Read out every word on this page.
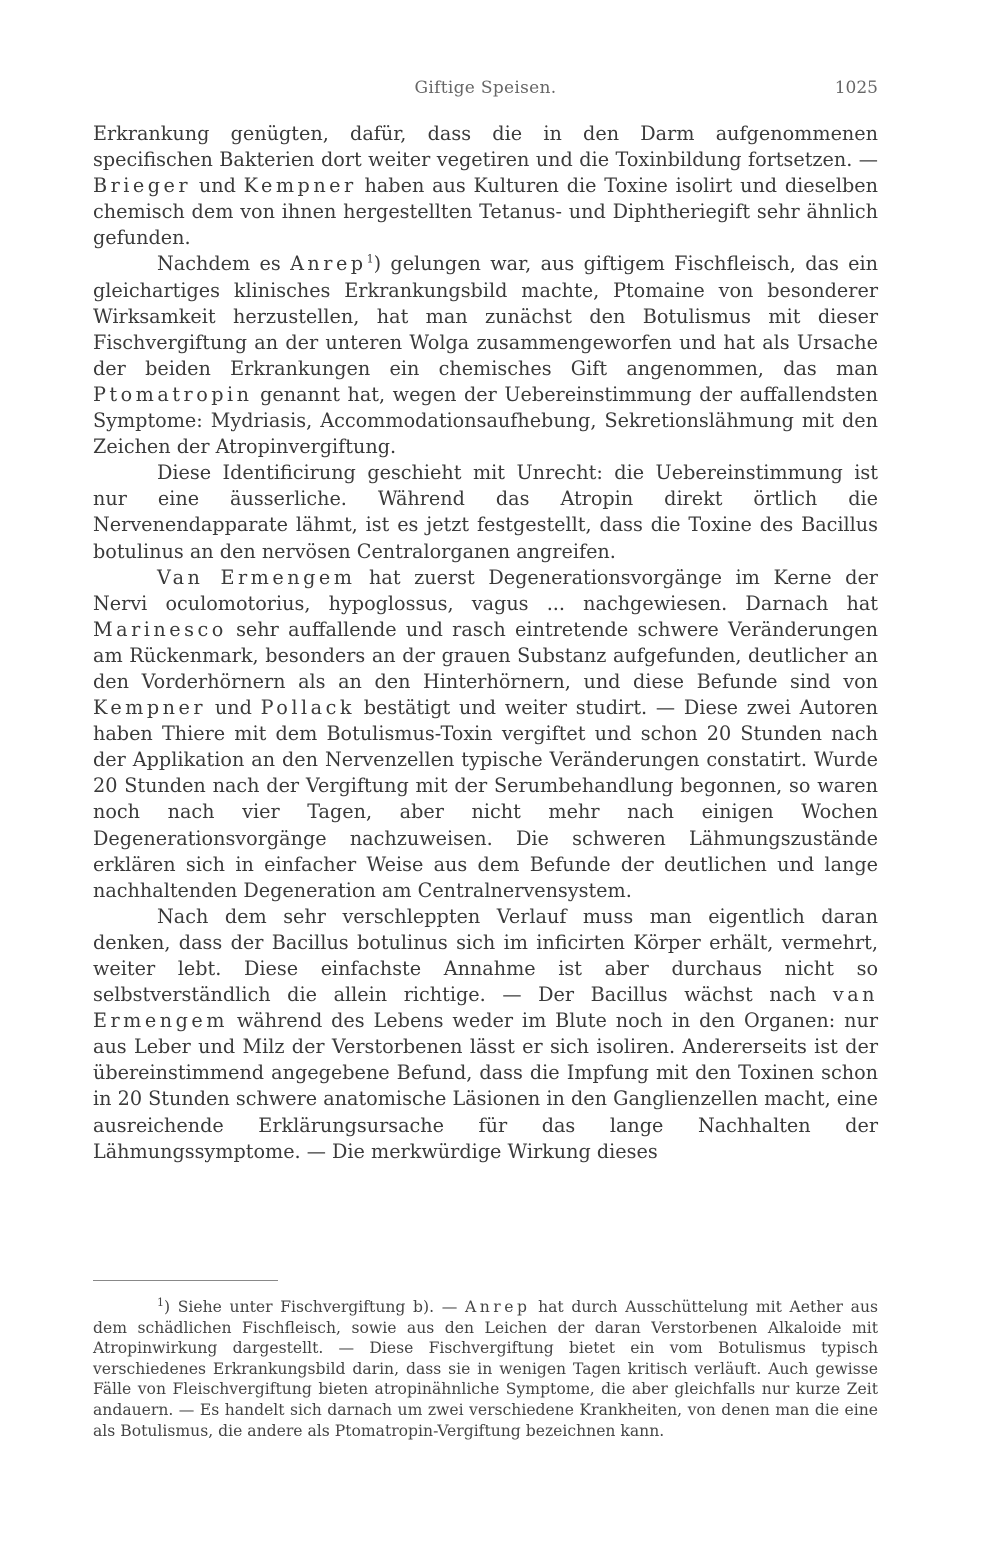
Giftige Speisen.	1025

Erkrankung genügten, dafür, dass die in den Darm aufgenommenen specifischen Bakterien dort weiter vegetiren und die Toxinbildung fortsetzen. — Brieger und Kempner haben aus Kulturen die Toxine isolirt und dieselben chemisch dem von ihnen hergestellten Tetanus- und Diphtheriegift sehr ähnlich gefunden.

Nachdem es Anrep$^1$) gelungen war, aus giftigem Fischfleisch, das ein gleichartiges klinisches Erkrankungsbild machte, Ptomaine von besonderer Wirksamkeit herzustellen, hat man zunächst den Botulismus mit dieser Fischvergiftung an der unteren Wolga zusammengeworfen und hat als Ursache der beiden Erkrankungen ein chemisches Gift angenommen, das man Ptomatropin genannt hat, wegen der Uebereinstimmung der auffallendsten Symptome: Mydriasis, Accommodationsaufhebung, Sekretionslähmung mit den Zeichen der Atropinvergiftung.

Diese Identificirung geschieht mit Unrecht: die Uebereinstimmung ist nur eine äusserliche. Während das Atropin direkt örtlich die Nervenendapparate lähmt, ist es jetzt festgestellt, dass die Toxine des Bacillus botulinus an den nervösen Centralorganen angreifen.

Van Ermengem hat zuerst Degenerationsvorgänge im Kerne der Nervi oculomotorius, hypoglossus, vagus ... nachgewiesen. Darnach hat Marinesco sehr auffallende und rasch eintretende schwere Veränderungen am Rückenmark, besonders an der grauen Substanz aufgefunden, deutlicher an den Vorderhörnern als an den Hinterhörnern, und diese Befunde sind von Kempner und Pollack bestätigt und weiter studirt. — Diese zwei Autoren haben Thiere mit dem Botulismus-Toxin vergiftet und schon 20 Stunden nach der Applikation an den Nervenzellen typische Veränderungen constatirt. Wurde 20 Stunden nach der Vergiftung mit der Serumbehandlung begonnen, so waren noch nach vier Tagen, aber nicht mehr nach einigen Wochen Degenerationsvorgänge nachzuweisen. Die schweren Lähmungszustände erklären sich in einfacher Weise aus dem Befunde der deutlichen und lange nachhaltenden Degeneration am Centralnervensystem.

Nach dem sehr verschleppten Verlauf muss man eigentlich daran denken, dass der Bacillus botulinus sich im inficirten Körper erhält, vermehrt, weiter lebt. Diese einfachste Annahme ist aber durchaus nicht so selbstverständlich die allein richtige. — Der Bacillus wächst nach van Ermengem während des Lebens weder im Blute noch in den Organen: nur aus Leber und Milz der Verstorbenen lässt er sich isoliren. Andererseits ist der übereinstimmend angegebene Befund, dass die Impfung mit den Toxinen schon in 20 Stunden schwere anatomische Läsionen in den Ganglienzellen macht, eine ausreichende Erklärungsursache für das lange Nachhalten der Lähmungssymptome. — Die merkwürdige Wirkung dieses

$^1$) Siehe unter Fischvergiftung b). — Anrep hat durch Ausschüttelung mit Aether aus dem schädlichen Fischfleisch, sowie aus den Leichen der daran Verstorbenen Alkaloide mit Atropinwirkung dargestellt. — Diese Fischvergiftung bietet ein vom Botulismus typisch verschiedenes Erkrankungsbild darin, dass sie in wenigen Tagen kritisch verläuft. Auch gewisse Fälle von Fleischvergiftung bieten atropinähnliche Symptome, die aber gleichfalls nur kurze Zeit andauern. — Es handelt sich darnach um zwei verschiedene Krankheiten, von denen man die eine als Botulismus, die andere als Ptomatropin-Vergiftung bezeichnen kann.
